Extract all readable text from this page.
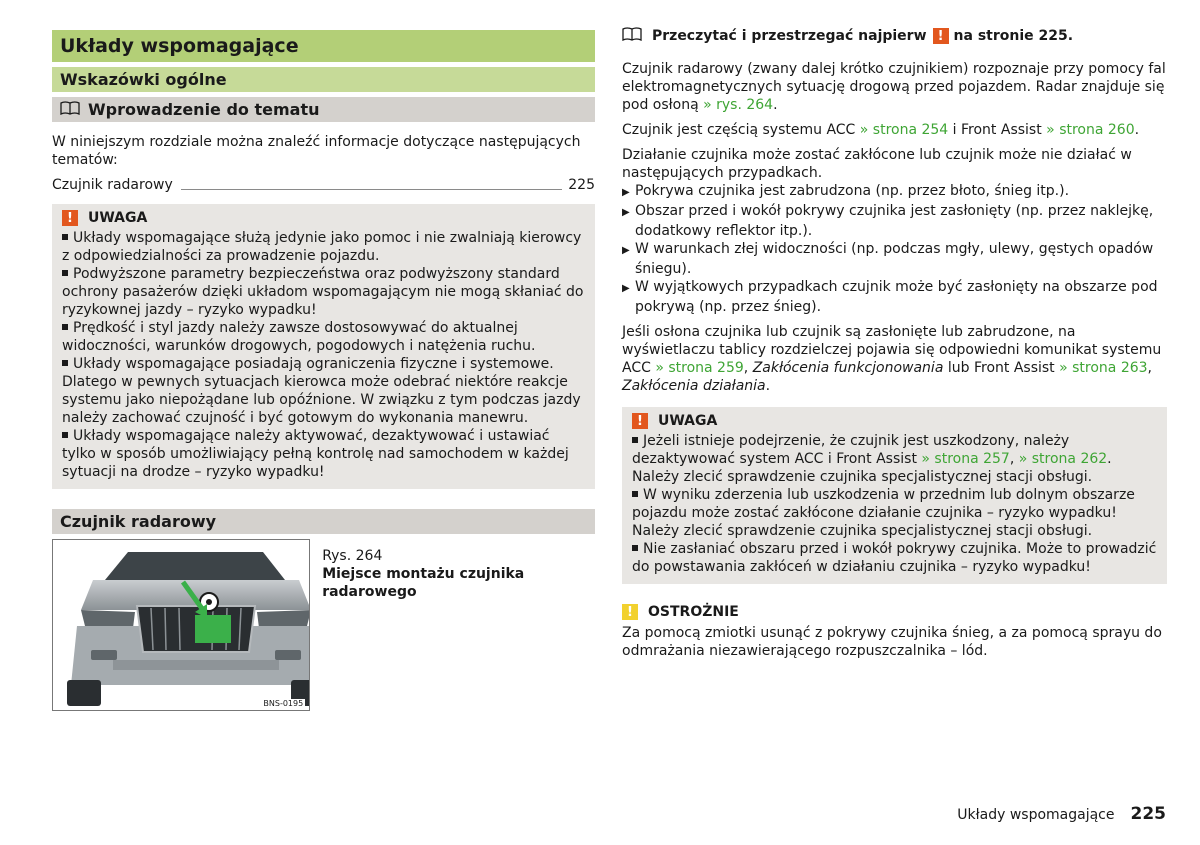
Układy wspomagające
Wskazówki ogólne
Wprowadzenie do tematu
W niniejszym rozdziale można znaleźć informacje dotyczące następujących tematów:
Czujnik radarowy	225
!	UWAGA
Układy wspomagające służą jedynie jako pomoc i nie zwalniają kierowcy z odpowiedzialności za prowadzenie pojazdu.
Podwyższone parametry bezpieczeństwa oraz podwyższony standard ochrony pasażerów dzięki układom wspomagającym nie mogą skłaniać do ryzykownej jazdy – ryzyko wypadku!
Prędkość i styl jazdy należy zawsze dostosowywać do aktualnej widoczności, warunków drogowych, pogodowych i natężenia ruchu.
Układy wspomagające posiadają ograniczenia fizyczne i systemowe. Dlatego w pewnych sytuacjach kierowca może odebrać niektóre reakcje systemu jako niepożądane lub opóźnione. W związku z tym podczas jazdy należy zachować czujność i być gotowym do wykonania manewru.
Układy wspomagające należy aktywować, dezaktywować i ustawiać tylko w sposób umożliwiający pełną kontrolę nad samochodem w każdej sytuacji na drodze – ryzyko wypadku!
Czujnik radarowy
BNS-0195
Rys. 264
Miejsce montażu czujnika radarowego
Przeczytać i przestrzegać najpierw ! na stronie
225.
Czujnik radarowy (zwany dalej krótko czujnikiem) rozpoznaje przy pomocy fal elektromagnetycznych sytuację drogową przed pojazdem. Radar znajduje się pod osłoną » rys. 264.
Czujnik jest częścią systemu ACC » strona 254 i Front Assist » strona 260.
Działanie czujnika może zostać zakłócone lub czujnik może nie działać w następujących przypadkach.
▶ Pokrywa czujnika jest zabrudzona (np. przez błoto, śnieg itp.).
▶ Obszar przed i wokół pokrywy czujnika jest zasłonięty (np. przez naklejkę, dodatkowy reflektor itp.).
▶ W warunkach złej widoczności (np. podczas mgły, ulewy, gęstych opadów śniegu).
▶ W wyjątkowych przypadkach czujnik może być zasłonięty na obszarze pod pokrywą (np. przez śnieg).
Jeśli osłona czujnika lub czujnik są zasłonięte lub zabrudzone, na wyświetlaczu tablicy rozdzielczej pojawia się odpowiedni komunikat systemu ACC » strona 259, Zakłócenia funkcjonowania lub Front Assist » strona 263, Zakłócenia działania.
!	UWAGA
Jeżeli istnieje podejrzenie, że czujnik jest uszkodzony, należy dezaktywować system ACC i Front Assist » strona 257, » strona 262. Należy zlecić sprawdzenie czujnika specjalistycznej stacji obsługi.
W wyniku zderzenia lub uszkodzenia w przednim lub dolnym obszarze pojazdu może zostać zakłócone działanie czujnika – ryzyko wypadku! Należy zlecić sprawdzenie czujnika specjalistycznej stacji obsługi.
Nie zasłaniać obszaru przed i wokół pokrywy czujnika. Może to prowadzić do powstawania zakłóceń w działaniu czujnika – ryzyko wypadku!
!	OSTROŻNIE
Za pomocą zmiotki usunąć z pokrywy czujnika śnieg, a za pomocą sprayu do odmrażania niezawierającego rozpuszczalnika – lód.
Układy wspomagające 225
